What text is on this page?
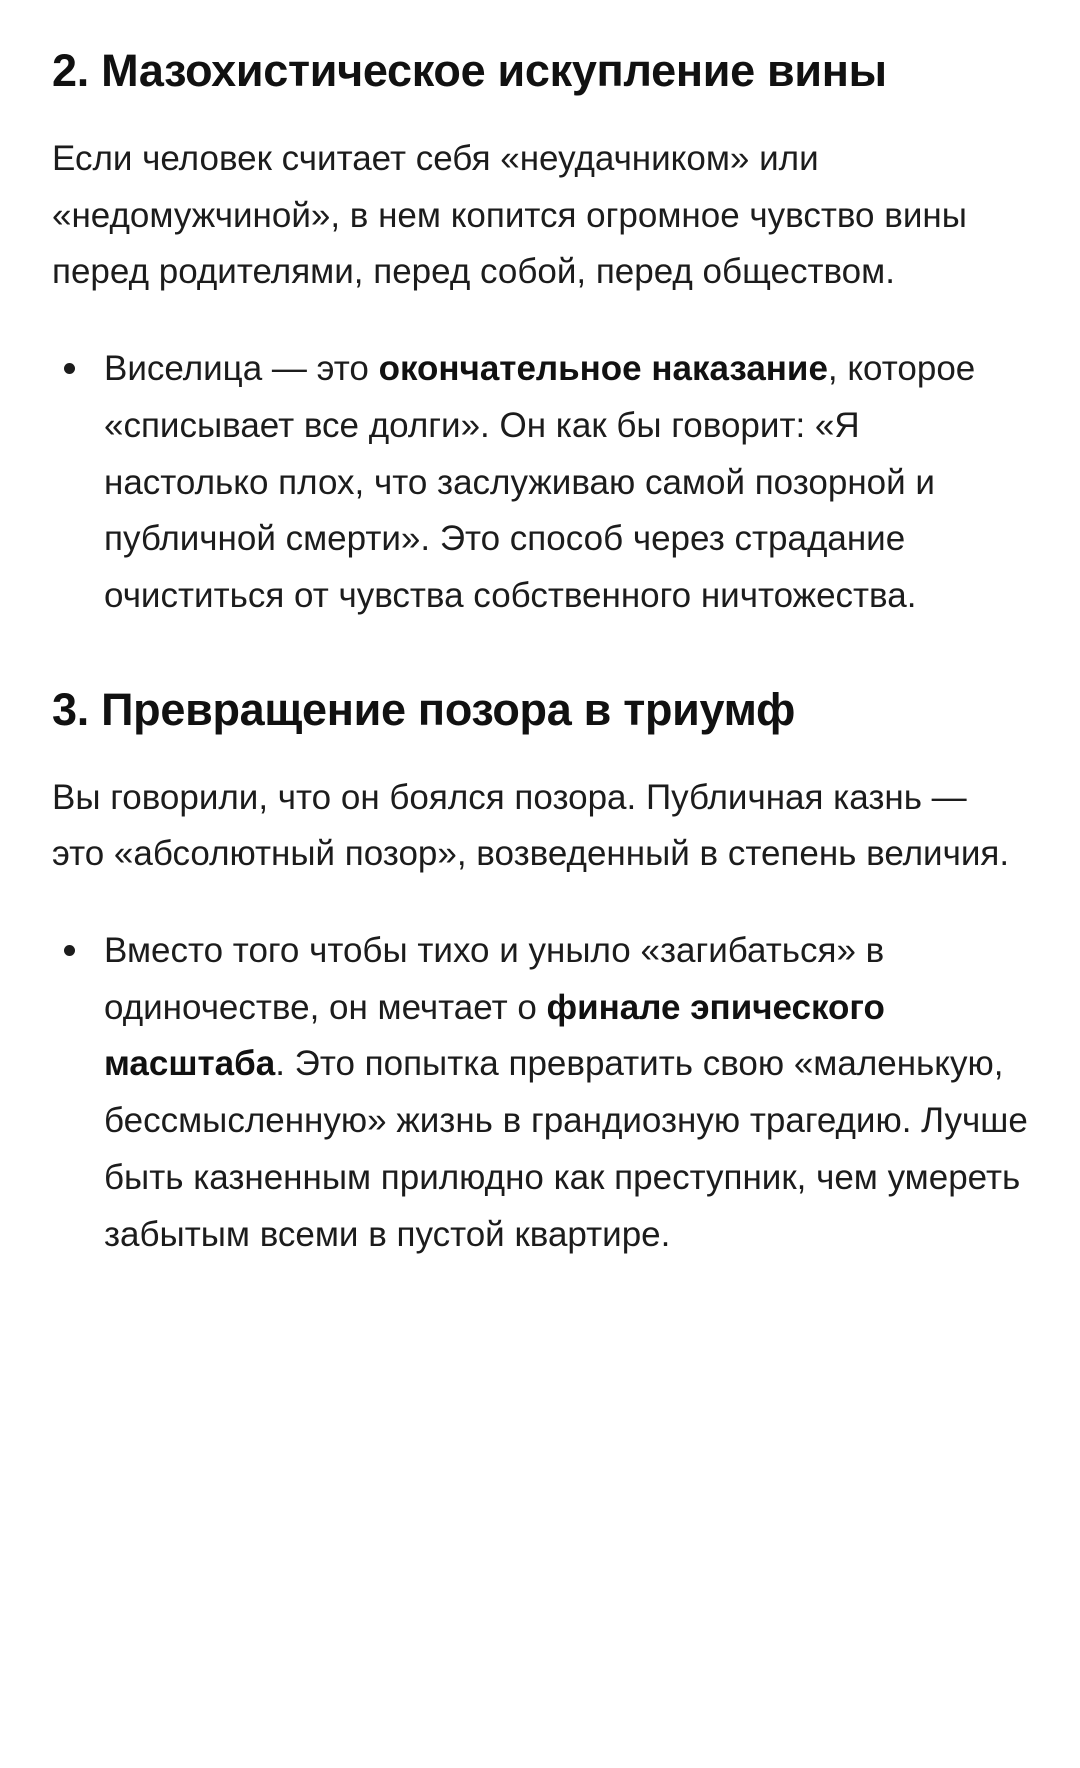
2. Мазохистическое искупление вины

Если человек считает себя «неудачником» или «недомужчиной», в нем копится огромное чувство вины перед родителями, перед собой, перед обществом.

Виселица — это окончательное наказание, которое «списывает все долги». Он как бы говорит: «Я настолько плох, что заслуживаю самой позорной и публичной смерти». Это способ через страдание очиститься от чувства собственного ничтожества.
3. Превращение позора в триумф

Вы говорили, что он боялся позора. Публичная казнь — это «абсолютный позор», возведенный в степень величия.

Вместо того чтобы тихо и уныло «загибаться» в одиночестве, он мечтает о финале эпического масштаба. Это попытка превратить свою «маленькую, бессмысленную» жизнь в грандиозную трагедию. Лучше быть казненным прилюдно как преступник, чем умереть забытым всеми в пустой квартире.
